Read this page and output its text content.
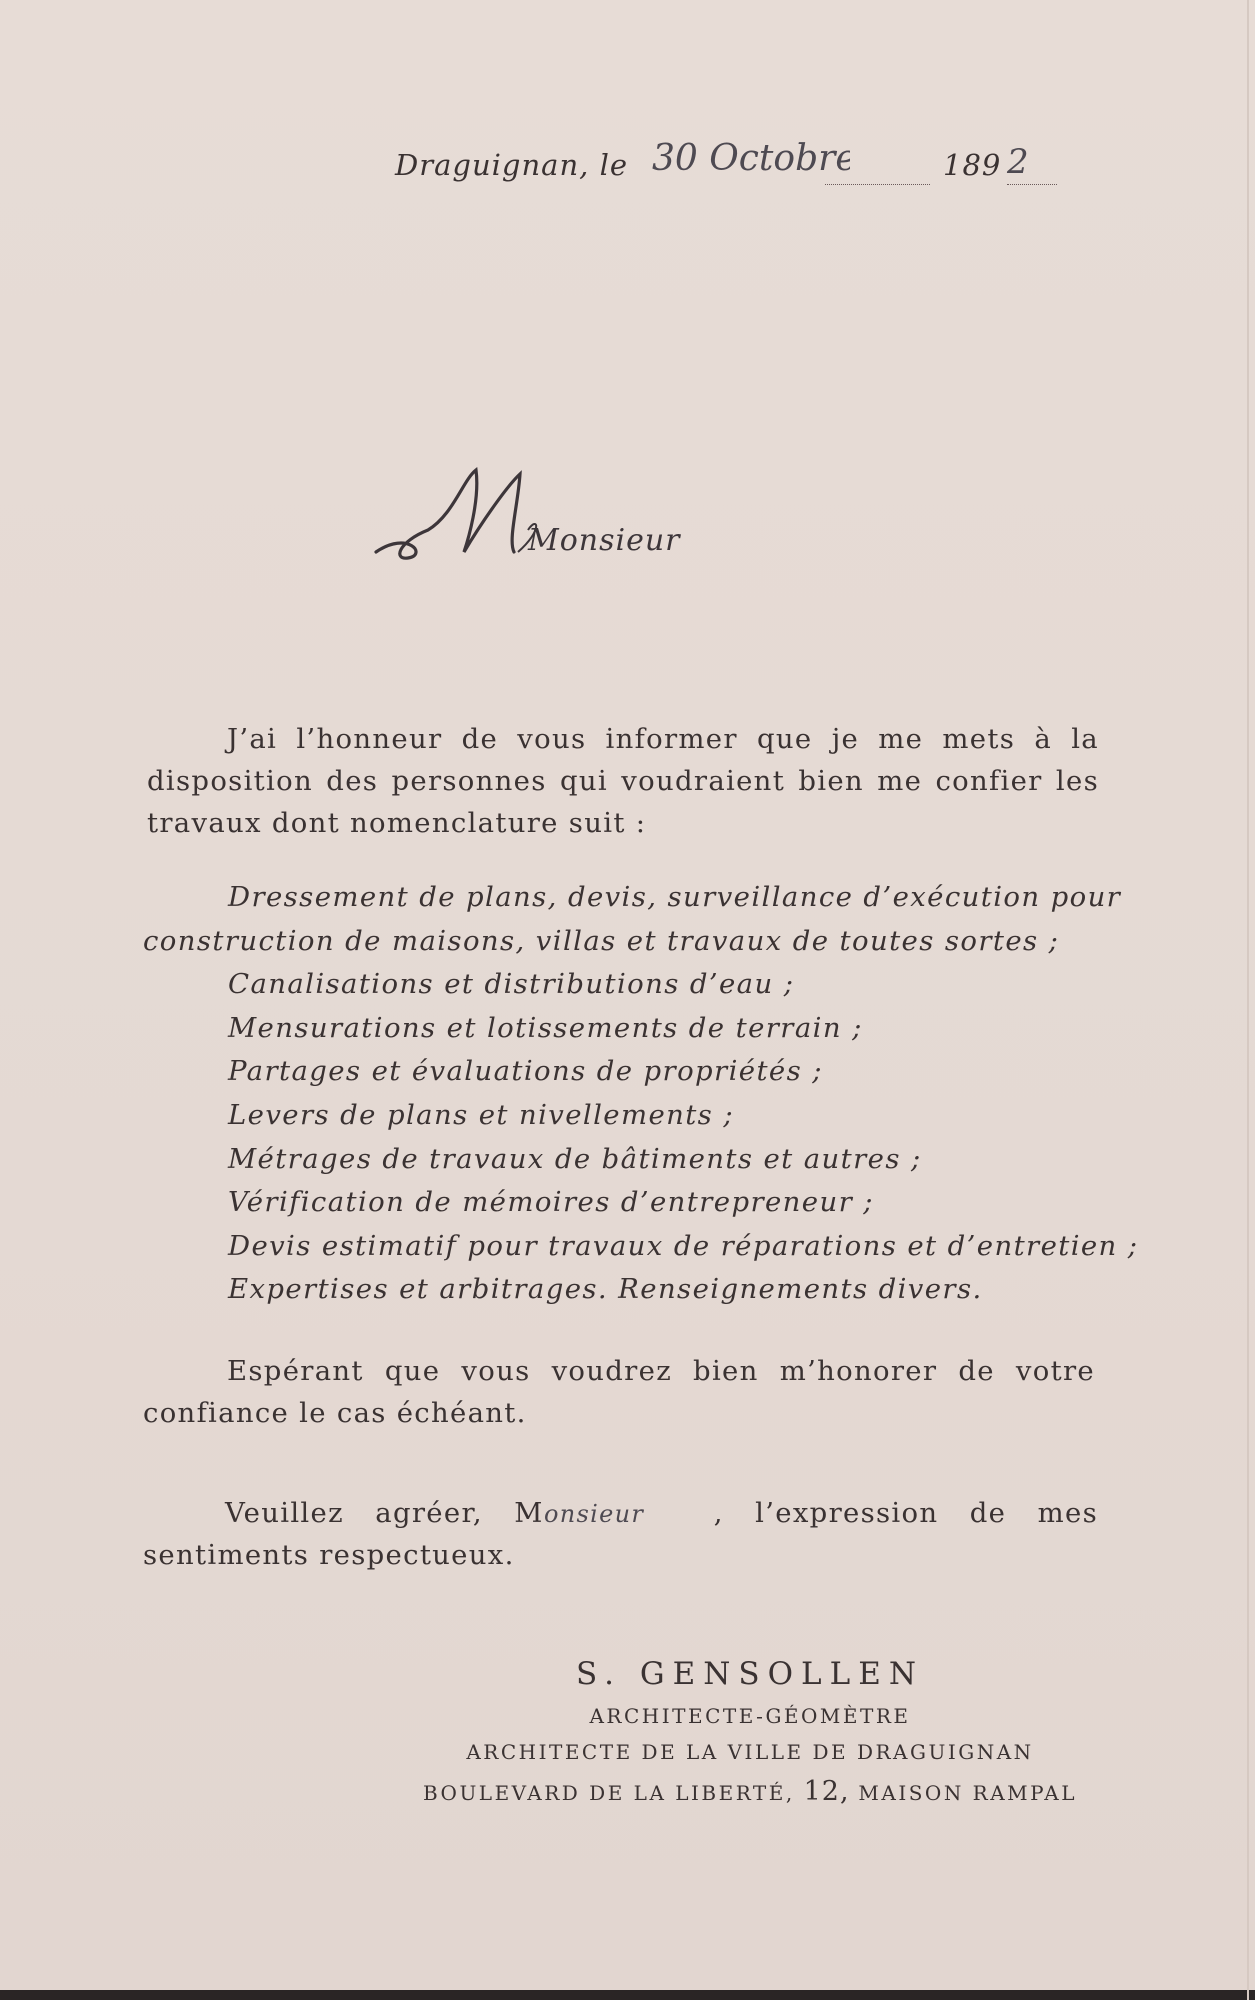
Draguignan, le 30 Octobre	189 2
Monsieur
J’ai l’honneur de vous informer que je me mets à la disposition des personnes qui voudraient bien me confier les travaux dont nomenclature suit :
Dressement de plans, devis, surveillance d’exécution pour
construction de maisons, villas et travaux de toutes sortes ;
Canalisations et distributions d’eau ;
Mensurations et lotissements de terrain ;
Partages et évaluations de propriétés ;
Levers de plans et nivellements ;
Métrages de travaux de bâtiments et autres ;
Vérification de mémoires d’entrepreneur ;
Devis estimatif pour travaux de réparations et d’entretien ;
Expertises et arbitrages. Renseignements divers.
Espérant que vous voudrez bien m’honorer de votre confiance le cas échéant.
Veuillez agréer, M onsieur	, l’expression de mes sentiments respectueux.
S. GENSOLLEN
ARCHITECTE-GÉOMÈTRE
ARCHITECTE DE LA VILLE DE DRAGUIGNAN
BOULEVARD DE LA LIBERTÉ, 12, MAISON RAMPAL
